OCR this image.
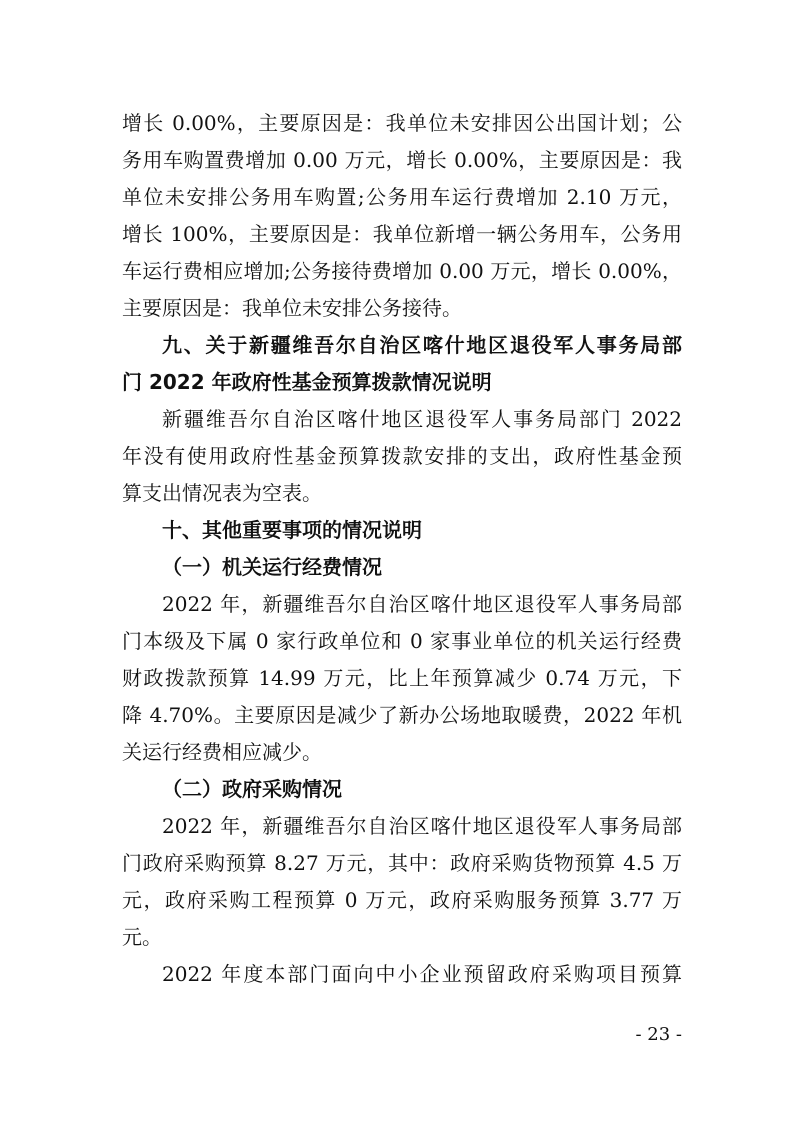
增长 0.00%，主要原因是：我单位未安排因公出国计划；公
务用车购置费增加 0.00 万元，增长 0.00%，主要原因是：我
单位未安排公务用车购置;公务用车运行费增加 2.10 万元，
增长 100%，主要原因是：我单位新增一辆公务用车，公务用
车运行费相应增加;公务接待费增加 0.00 万元，增长 0.00%，
主要原因是：我单位未安排公务接待。
九、关于新疆维吾尔自治区喀什地区退役军人事务局部
门 2022 年政府性基金预算拨款情况说明
新疆维吾尔自治区喀什地区退役军人事务局部门 2022
年没有使用政府性基金预算拨款安排的支出，政府性基金预
算支出情况表为空表。
十、其他重要事项的情况说明
（一）机关运行经费情况
2022 年，新疆维吾尔自治区喀什地区退役军人事务局部
门本级及下属 0 家行政单位和 0 家事业单位的机关运行经费
财政拨款预算 14.99 万元，比上年预算减少 0.74 万元，下
降 4.70%。主要原因是减少了新办公场地取暖费，2022 年机
关运行经费相应减少。
（二）政府采购情况
2022 年，新疆维吾尔自治区喀什地区退役军人事务局部
门政府采购预算 8.27 万元，其中：政府采购货物预算 4.5 万
元，政府采购工程预算 0 万元，政府采购服务预算 3.77 万
元。
2022 年度本部门面向中小企业预留政府采购项目预算
- 23 -
